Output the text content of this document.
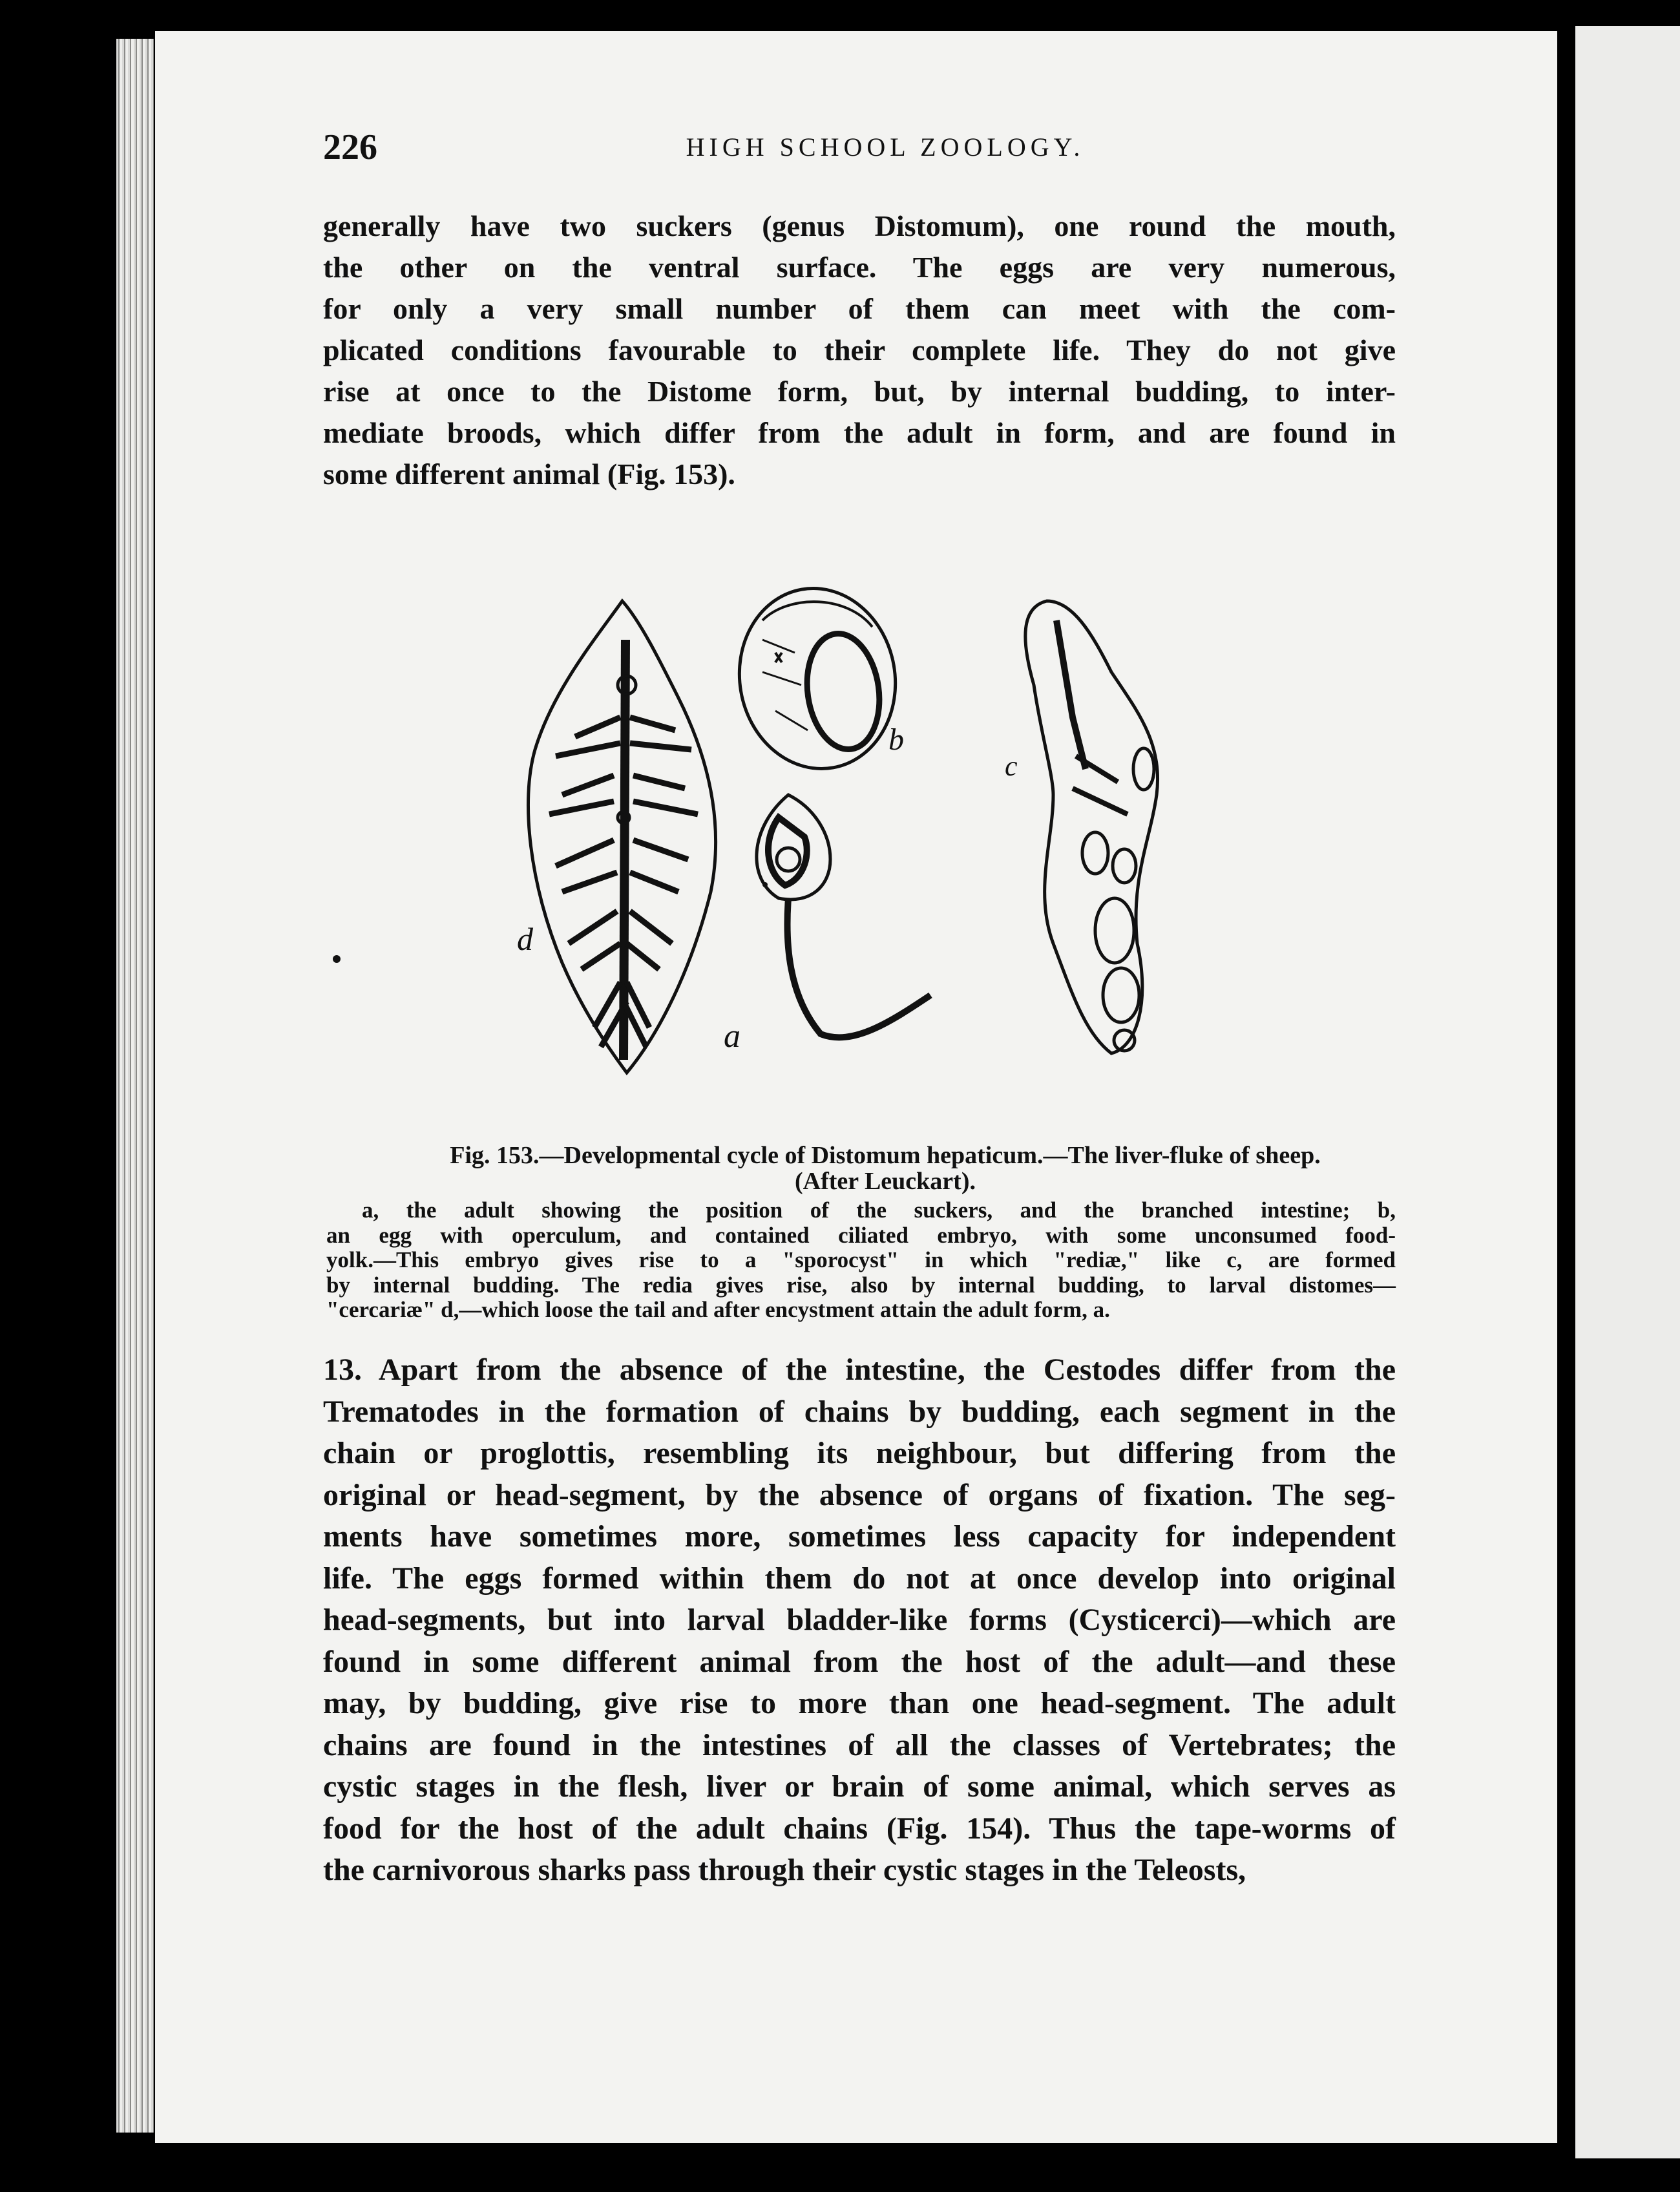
226	HIGH SCHOOL ZOOLOGY.
generally have two suckers (genus Distomum), one round the mouth,
the other on the ventral surface. The eggs are very numerous,
for only a very small number of them can meet with the com-
plicated conditions favourable to their complete life. They do not give
rise at once to the Distome form, but, by internal budding, to inter-
mediate broods, which differ from the adult in form, and are found in
some different animal (Fig. 153).
a
b
d
c
Fig. 153.—Developmental cycle of Distomum hepaticum.—The liver-fluke of sheep.
(After Leuckart).
a, the adult showing the position of the suckers, and the branched intestine; b,
an egg with operculum, and contained ciliated embryo, with some unconsumed food-
yolk.—This embryo gives rise to a "sporocyst" in which "rediæ," like c, are formed
by internal budding. The redia gives rise, also by internal budding, to larval distomes—
"cercariæ" d,—which loose the tail and after encystment attain the adult form, a.
13. Apart from the absence of the intestine, the Cestodes differ from the
Trematodes in the formation of chains by budding, each segment in the
chain or proglottis, resembling its neighbour, but differing from the
original or head-segment, by the absence of organs of fixation. The seg-
ments have sometimes more, sometimes less capacity for independent
life. The eggs formed within them do not at once develop into original
head-segments, but into larval bladder-like forms (Cysticerci)—which are
found in some different animal from the host of the adult—and these
may, by budding, give rise to more than one head-segment. The adult
chains are found in the intestines of all the classes of Vertebrates; the
cystic stages in the flesh, liver or brain of some animal, which serves as
food for the host of the adult chains (Fig. 154). Thus the tape-worms of
the carnivorous sharks pass through their cystic stages in the Teleosts,
